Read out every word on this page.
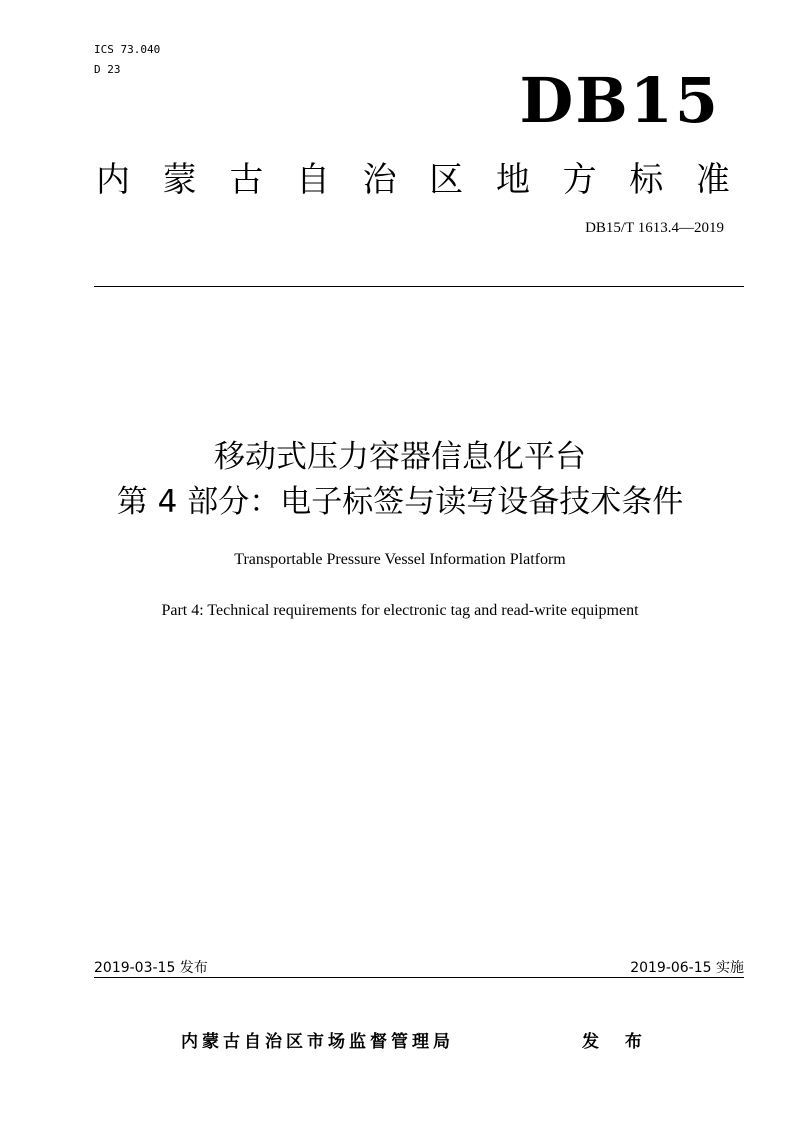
ICS 73.040
D 23	DB15
内 蒙 古 自 治 区 地 方 标 准
DB15/T 1613.4—2019
移动式压力容器信息化平台
第 4 部分：电子标签与读写设备技术条件
Transportable Pressure Vessel Information Platform
Part 4: Technical requirements for electronic tag and read-write equipment
2019-03-15 发布	2019-06-15 实施
内蒙古自治区市场监督管理局	发 布
